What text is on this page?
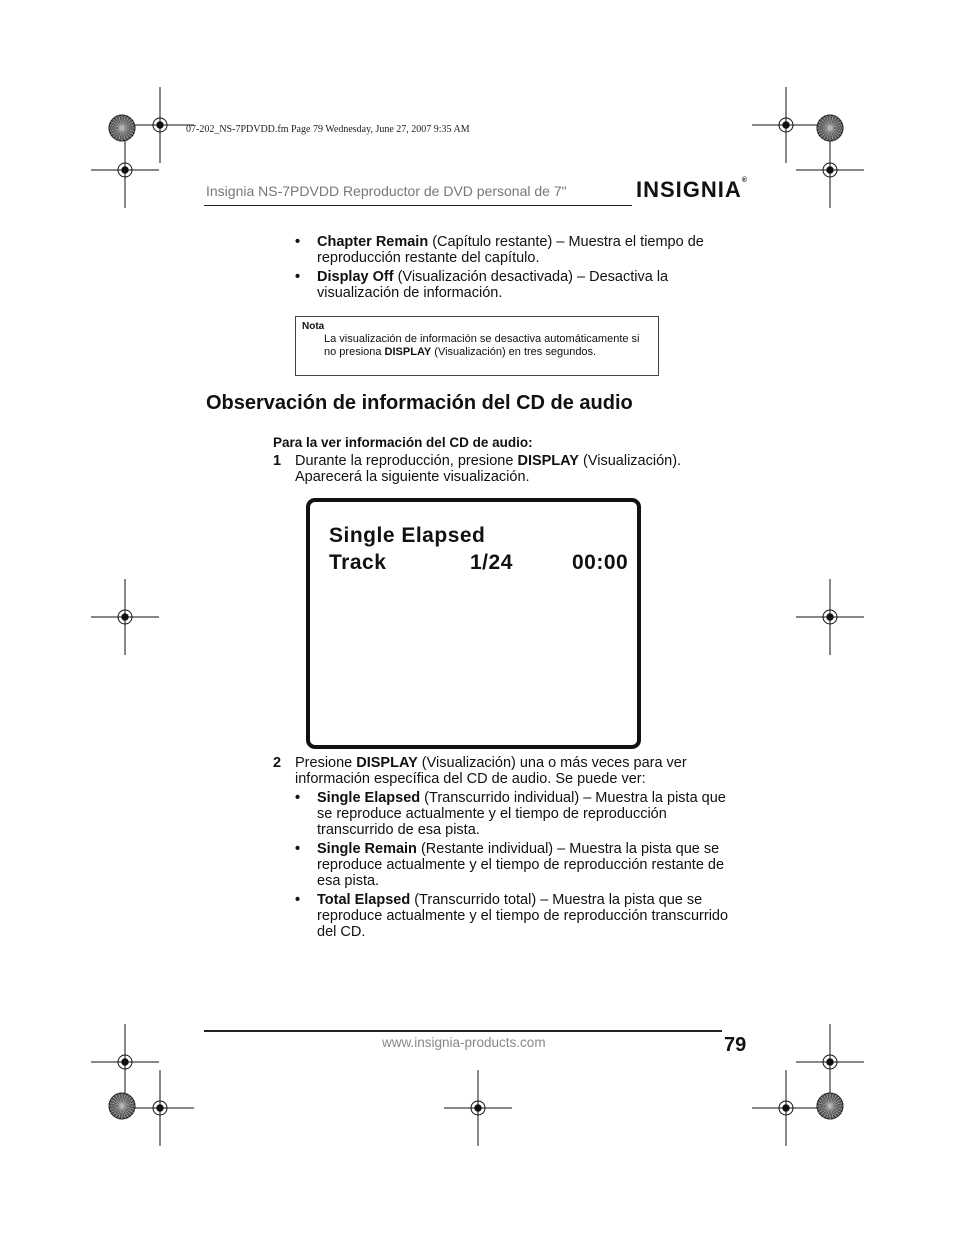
07-202_NS-7PDVDD.fm Page 79 Wednesday, June 27, 2007 9:35 AM
Insignia NS-7PDVDD Reproductor de DVD personal de 7"	INSIGNIA®
•	Chapter Remain (Capítulo restante) – Muestra el tiempo de reproducción restante del capítulo.
•	Display Off (Visualización desactivada) – Desactiva la visualización de información.
Nota
La visualización de información se desactiva automáticamente si no presiona DISPLAY (Visualización) en tres segundos.
Observación de información del CD de audio
Para la ver información del CD de audio:
1 Durante la reproducción, presione DISPLAY (Visualización). Aparecerá la siguiente visualización.
Single Elapsed
Track	1/24	00:00
2 Presione DISPLAY (Visualización) una o más veces para ver información específica del CD de audio. Se puede ver:
•	Single Elapsed (Transcurrido individual) – Muestra la pista que se reproduce actualmente y el tiempo de reproducción transcurrido de esa pista.
•	Single Remain (Restante individual) – Muestra la pista que se reproduce actualmente y el tiempo de reproducción restante de esa pista.
•	Total Elapsed (Transcurrido total) – Muestra la pista que se reproduce actualmente y el tiempo de reproducción transcurrido del CD.
www.insignia-products.com	79
